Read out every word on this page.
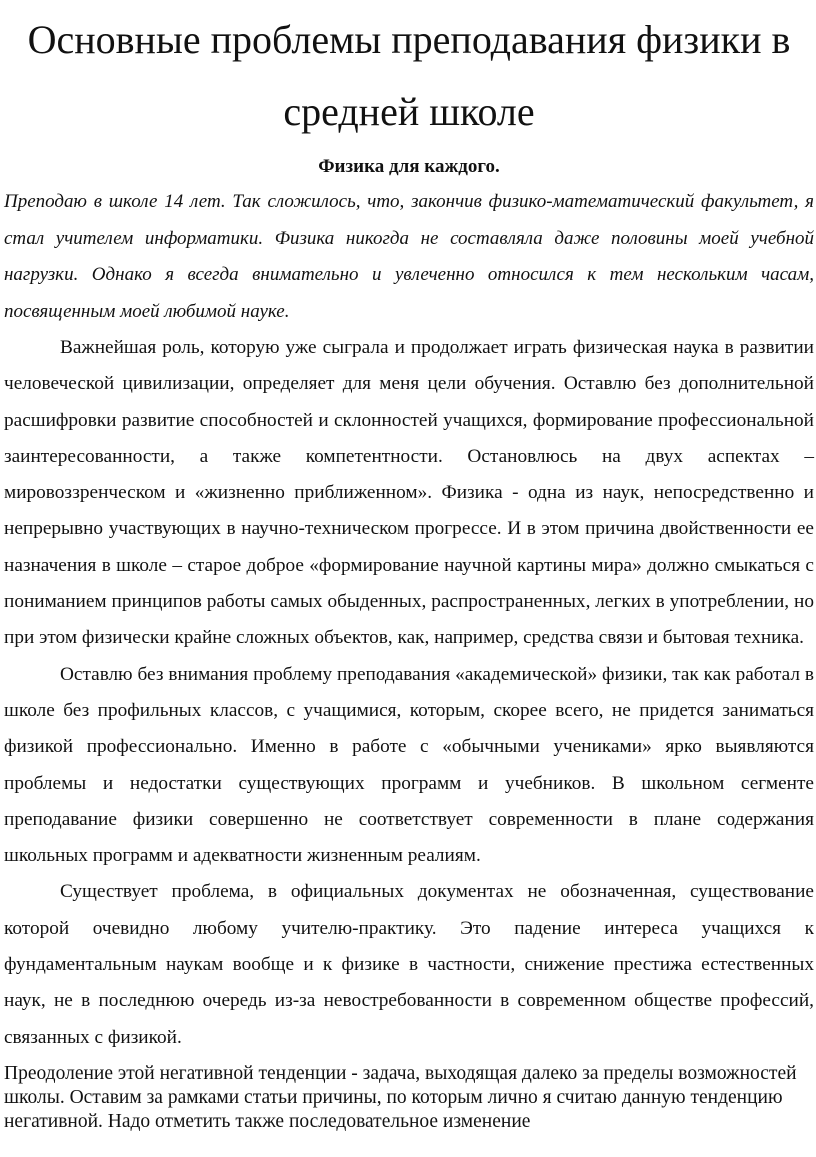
Основные проблемы преподавания физики в средней школе

Физика для каждого.

Преподаю в школе 14 лет. Так сложилось, что, закончив физико-математический факультет, я стал учителем информатики. Физика никогда не составляла даже половины моей учебной нагрузки. Однако я всегда внимательно и увлеченно относился к тем нескольким часам, посвященным моей любимой науке.

Важнейшая роль, которую уже сыграла и продолжает играть физическая наука в развитии человеческой цивилизации, определяет для меня цели обучения. Оставлю без дополнительной расшифровки развитие способностей и склонностей учащихся, формирование профессиональной заинтересованности, а также компетентности. Остановлюсь на двух аспектах – мировоззренческом и «жизненно приближенном». Физика - одна из наук, непосредственно и непрерывно участвующих в научно-техническом прогрессе. И в этом причина двойственности ее назначения в школе – старое доброе «формирование научной картины мира» должно смыкаться с пониманием принципов работы самых обыденных, распространенных, легких в употреблении, но при этом физически крайне сложных объектов, как, например, средства связи и бытовая техника.

Оставлю без внимания проблему преподавания «академической» физики, так как работал в школе без профильных классов, с учащимися, которым, скорее всего, не придется заниматься физикой профессионально. Именно в работе с «обычными учениками» ярко выявляются проблемы и недостатки существующих программ и учебников. В школьном сегменте преподавание физики совершенно не соответствует современности в плане содержания школьных программ и адекватности жизненным реалиям.

Существует проблема, в официальных документах не обозначенная, существование которой очевидно любому учителю-практику. Это падение интереса учащихся к фундаментальным наукам вообще и к физике в частности, снижение престижа естественных наук, не в последнюю очередь из-за невостребованности в современном обществе профессий, связанных с физикой.

Преодоление этой негативной тенденции - задача, выходящая далеко за пределы возможностей школы. Оставим за рамками статьи причины, по которым лично я считаю данную тенденцию негативной. Надо отметить также последовательное изменение
